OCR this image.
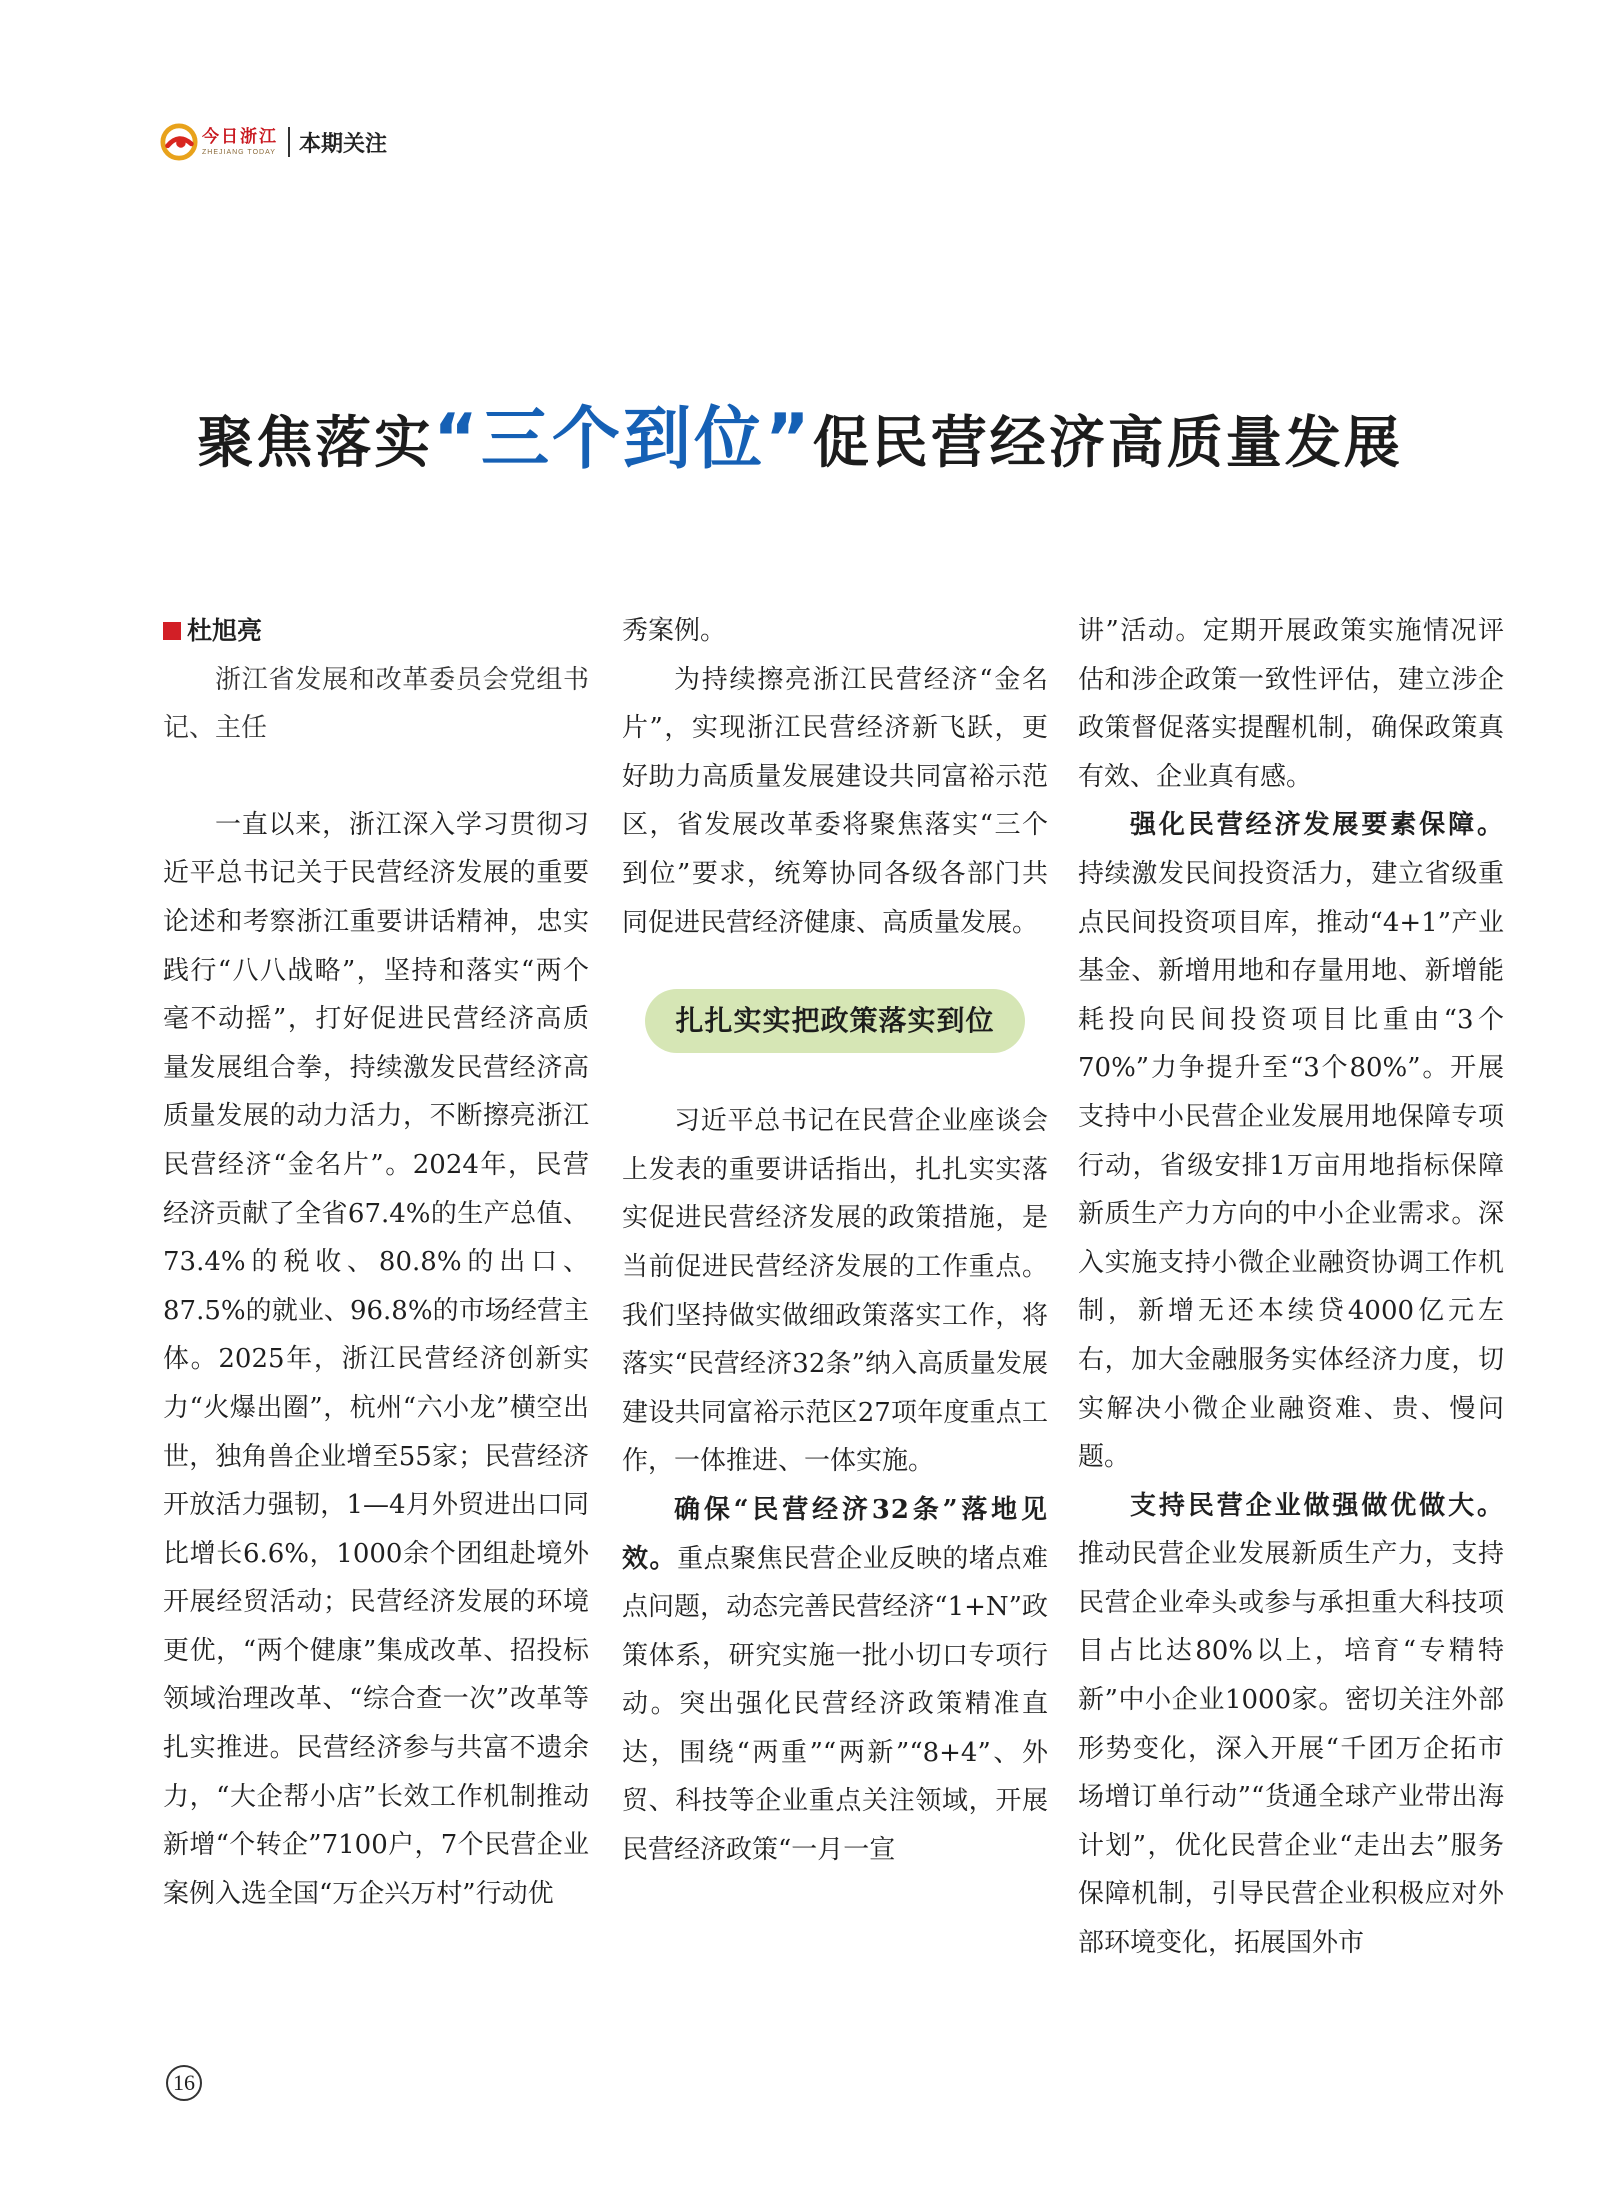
今日浙江
ZHEJIANG TODAY 本期关注
聚焦落实“三个到位”促民营经济高质量发展
杜旭亮

浙江省发展和改革委员会党组书记、主任

一直以来，浙江深入学习贯彻习近平总书记关于民营经济发展的重要论述和考察浙江重要讲话精神，忠实践行“八八战略”，坚持和落实“两个毫不动摇”，打好促进民营经济高质量发展组合拳，持续激发民营经济高质量发展的动力活力，不断擦亮浙江民营经济“金名片”。2024年，民营经济贡献了全省67.4%的生产总值、73.4%的税收、80.8%的出口、87.5%的就业、96.8%的市场经营主体。2025年，浙江民营经济创新实力“火爆出圈”，杭州“六小龙”横空出世，独角兽企业增至55家；民营经济开放活力强韧，1—4月外贸进出口同比增长6.6%，1000余个团组赴境外开展经贸活动；民营经济发展的环境更优，“两个健康”集成改革、招投标领域治理改革、“综合查一次”改革等扎实推进。民营经济参与共富不遗余力，“大企帮小店”长效工作机制推动新增“个转企”7100户，7个民营企业案例入选全国“万企兴万村”行动优

秀案例。

为持续擦亮浙江民营经济“金名片”，实现浙江民营经济新飞跃，更好助力高质量发展建设共同富裕示范区，省发展改革委将聚焦落实“三个到位”要求，统筹协同各级各部门共同促进民营经济健康、高质量发展。

扎扎实实把政策落实到位

习近平总书记在民营企业座谈会上发表的重要讲话指出，扎扎实实落实促进民营经济发展的政策措施，是当前促进民营经济发展的工作重点。我们坚持做实做细政策落实工作，将落实“民营经济32条”纳入高质量发展建设共同富裕示范区27项年度重点工作，一体推进、一体实施。

确保“民营经济32条”落地见效。重点聚焦民营企业反映的堵点难点问题，动态完善民营经济“1+N”政策体系，研究实施一批小切口专项行动。突出强化民营经济政策精准直达，围绕“两重”“两新”“8+4”、外贸、科技等企业重点关注领域，开展民营经济政策“一月一宣

讲”活动。定期开展政策实施情况评估和涉企政策一致性评估，建立涉企政策督促落实提醒机制，确保政策真有效、企业真有感。

强化民营经济发展要素保障。持续激发民间投资活力，建立省级重点民间投资项目库，推动“4+1”产业基金、新增用地和存量用地、新增能耗投向民间投资项目比重由“3个70%”力争提升至“3个80%”。开展支持中小民营企业发展用地保障专项行动，省级安排1万亩用地指标保障新质生产力方向的中小企业需求。深入实施支持小微企业融资协调工作机制，新增无还本续贷4000亿元左右，加大金融服务实体经济力度，切实解决小微企业融资难、贵、慢问题。

支持民营企业做强做优做大。推动民营企业发展新质生产力，支持民营企业牵头或参与承担重大科技项目占比达80%以上，培育“专精特新”中小企业1000家。密切关注外部形势变化，深入开展“千团万企拓市场增订单行动”“货通全球产业带出海计划”，优化民营企业“走出去”服务保障机制，引导民营企业积极应对外部环境变化，拓展国外市

16
